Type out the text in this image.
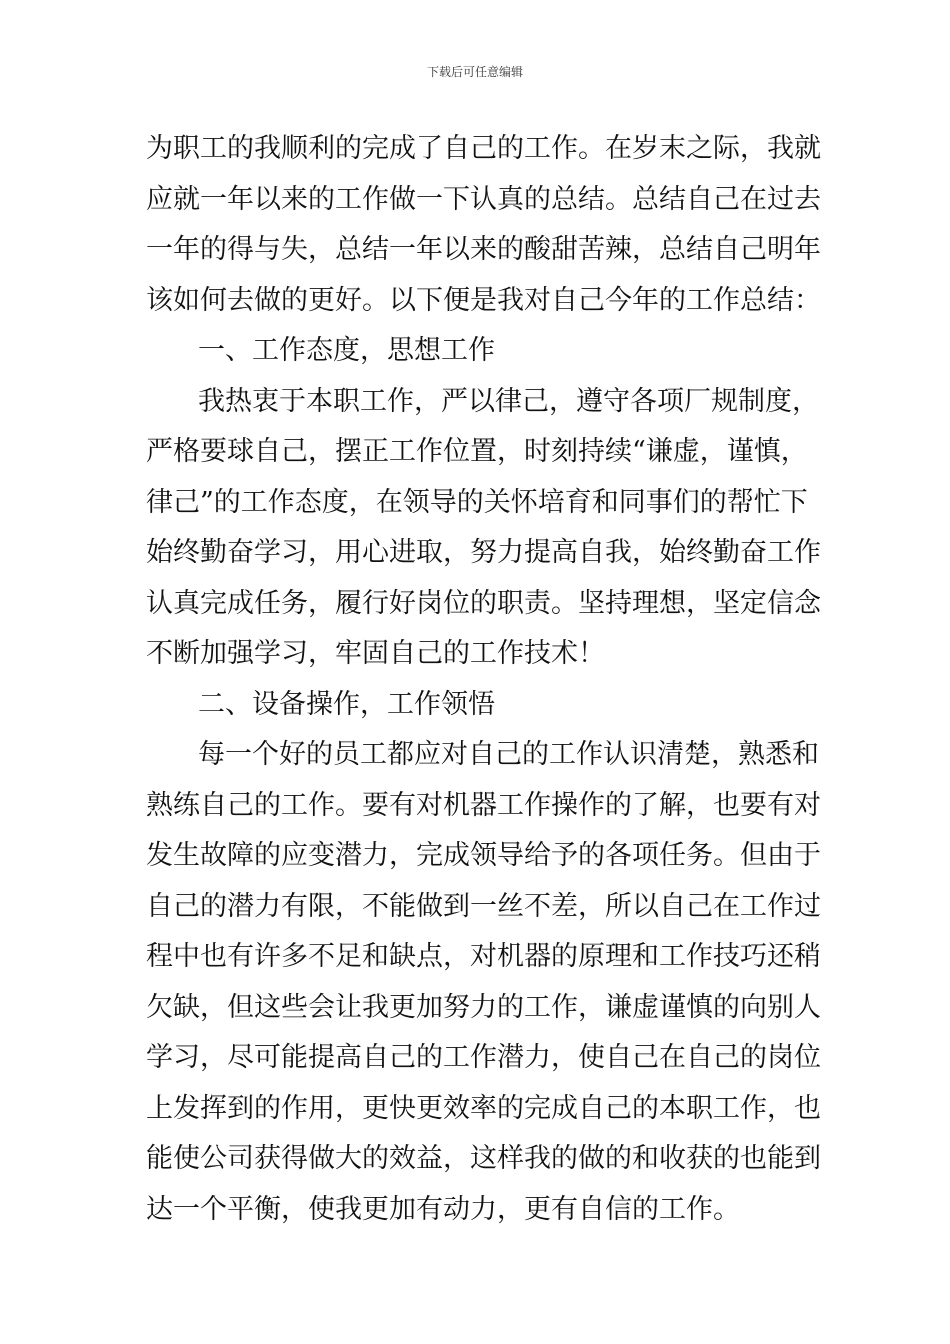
下载后可任意编辑
为职工的我顺利的完成了自己的工作。在岁末之际，我就
应就一年以来的工作做一下认真的总结。总结自己在过去
一年的得与失，总结一年以来的酸甜苦辣，总结自己明年
该如何去做的更好。以下便是我对自己今年的工作总结：
一、工作态度，思想工作
我热衷于本职工作，严以律己，遵守各项厂规制度，
严格要球自己，摆正工作位置，时刻持续“谦虚，谨慎，
律己”的工作态度，在领导的关怀培育和同事们的帮忙下
始终勤奋学习，用心进取，努力提高自我，始终勤奋工作
认真完成任务，履行好岗位的职责。坚持理想，坚定信念
不断加强学习，牢固自己的工作技术！
二、设备操作，工作领悟
每一个好的员工都应对自己的工作认识清楚，熟悉和
熟练自己的工作。要有对机器工作操作的了解，也要有对
发生故障的应变潜力，完成领导给予的各项任务。但由于
自己的潜力有限，不能做到一丝不差，所以自己在工作过
程中也有许多不足和缺点，对机器的原理和工作技巧还稍
欠缺，但这些会让我更加努力的工作，谦虚谨慎的向别人
学习，尽可能提高自己的工作潜力，使自己在自己的岗位
上发挥到的作用，更快更效率的完成自己的本职工作，也
能使公司获得做大的效益，这样我的做的和收获的也能到
达一个平衡，使我更加有动力，更有自信的工作。
